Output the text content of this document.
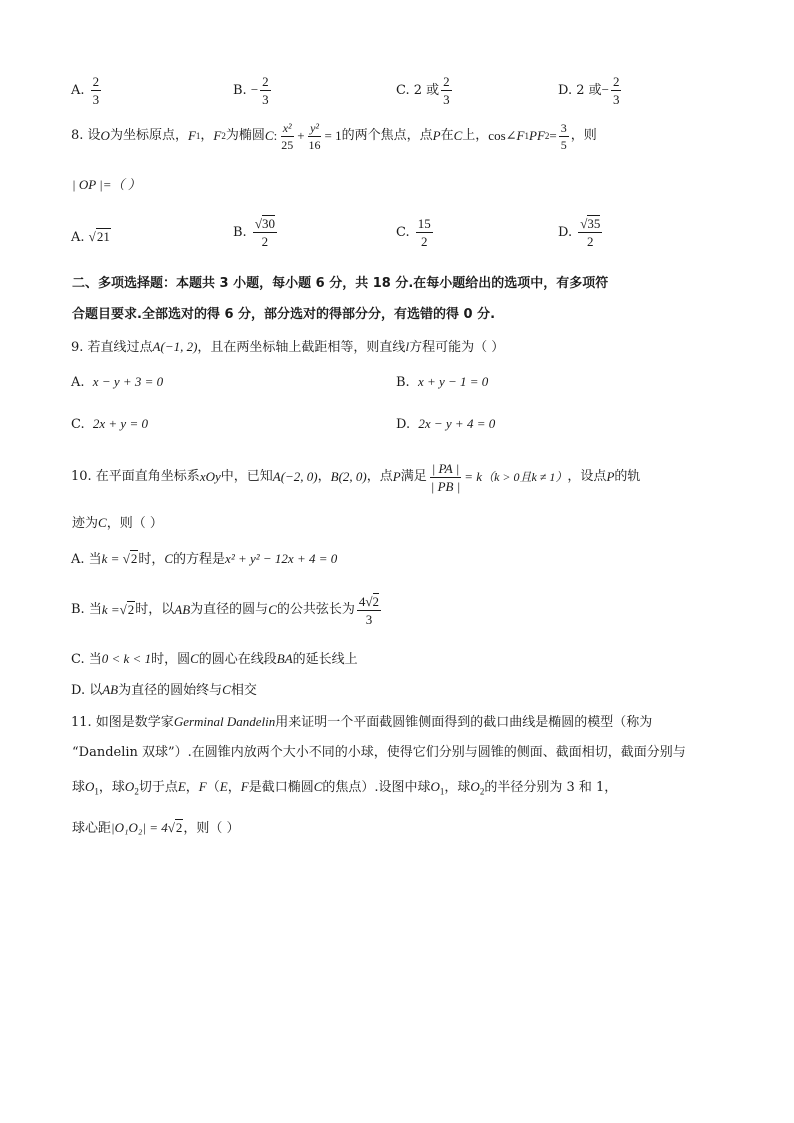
A. $\frac{2}{3}$	B. − $\frac{2}{3}$	C. 2 或 $\frac{2}{3}$	D. 2 或− $\frac{2}{3}$
8. 设 O 为坐标原点， F 1 ， F 2 为椭圆 C : $\frac{\text{x²}}{25} + \frac{\text{y²}}{16} = 1$ 的两个焦点，点 P 在 C 上， cos∠ F 1 P F $2 = \frac{3}{5}$ ，则
| OP |=（ ）
A. √21	B. $\frac{√30}{2}$	C. $\frac{15}{2}$	D. $\frac{√35}{2}$
二、多项选择题：本题共 3 小题，每小题 6 分，共 18 分.在每小题给出的选项中，有多项符
合题目要求.全部选对的得 6 分，部分选对的得部分分，有选错的得 0 分.
9. 若直线过点A(−1, 2)，且在两坐标轴上截距相等，则直线l方程可能为（ ）
A. x − y + 3 = 0	B. x + y − 1 = 0
C. 2x + y = 0	D. 2x − y + 4 = 0
10. 在平面直角坐标系 xOy 中，已知 A(−2, 0) ， B(2, 0) ，点 P 满足 $\frac{| PA |}{| PB |} = k$ （k > 0且k ≠ 1） ，设点 P 的轨
迹为C，则（ ）
A. 当k = √2时，C的方程是x² + y² − 12x + 4 = 0
B. 当 k = √2 时，以 AB 为直径的圆与 C 的公共弦长为 $\frac{4√2}{3}$
C. 当0 < k < 1时，圆C的圆心在线段BA的延长线上
D. 以AB为直径的圆始终与C相交
11. 如图是数学家Germinal Dandelin用来证明一个平面截圆锥侧面得到的截口曲线是椭圆的模型（称为
“Dandelin 双球”）.在圆锥内放两个大小不同的小球，使得它们分别与圆锥的侧面、截面相切，截面分别与
球$O_1$，球$O_2$切于点E，F（E，F是截口椭圆C的焦点）.设图中球$O_1$，球$O_2$的半径分别为 3 和 1，
球心距|O₁O₂| = 4√2，则（ ）
